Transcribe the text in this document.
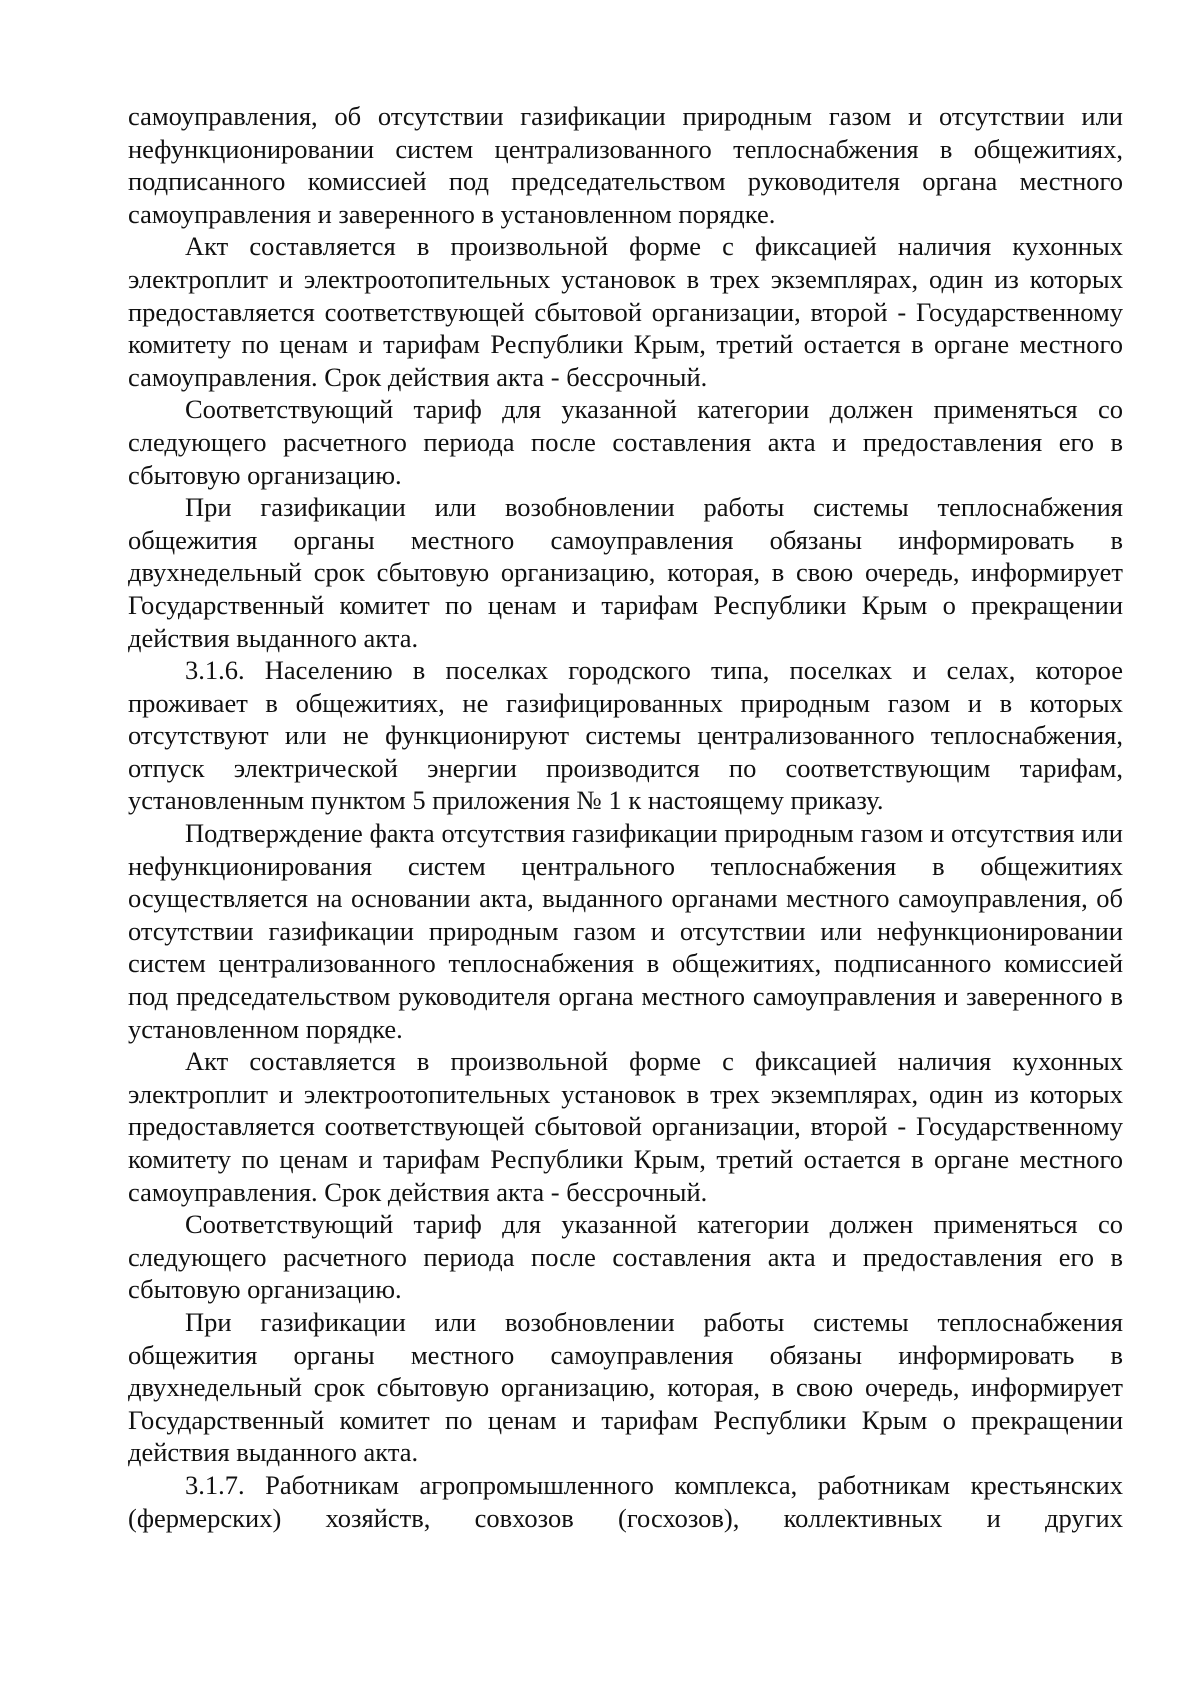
самоуправления, об отсутствии газификации природным газом и отсутствии или нефункционировании систем централизованного теплоснабжения в общежитиях, подписанного комиссией под председательством руководителя органа местного самоуправления и заверенного в установленном порядке.

Акт составляется в произвольной форме с фиксацией наличия кухонных электроплит и электроотопительных установок в трех экземплярах, один из которых предоставляется соответствующей сбытовой организации, второй - Государственному комитету по ценам и тарифам Республики Крым, третий остается в органе местного самоуправления. Срок действия акта - бессрочный.

Соответствующий тариф для указанной категории должен применяться со следующего расчетного периода после составления акта и предоставления его в сбытовую организацию.

При газификации или возобновлении работы системы теплоснабжения общежития органы местного самоуправления обязаны информировать в двухнедельный срок сбытовую организацию, которая, в свою очередь, информирует Государственный комитет по ценам и тарифам Республики Крым о прекращении действия выданного акта.

3.1.6. Населению в поселках городского типа, поселках и селах, которое проживает в общежитиях, не газифицированных природным газом и в которых отсутствуют или не функционируют системы централизованного теплоснабжения, отпуск электрической энергии производится по соответствующим тарифам, установленным пунктом 5 приложения № 1 к настоящему приказу.

Подтверждение факта отсутствия газификации природным газом и отсутствия или нефункционирования систем центрального теплоснабжения в общежитиях осуществляется на основании акта, выданного органами местного самоуправления, об отсутствии газификации природным газом и отсутствии или нефункционировании систем централизованного теплоснабжения в общежитиях, подписанного комиссией под председательством руководителя органа местного самоуправления и заверенного в установленном порядке.

Акт составляется в произвольной форме с фиксацией наличия кухонных электроплит и электроотопительных установок в трех экземплярах, один из которых предоставляется соответствующей сбытовой организации, второй - Государственному комитету по ценам и тарифам Республики Крым, третий остается в органе местного самоуправления. Срок действия акта - бессрочный.

Соответствующий тариф для указанной категории должен применяться со следующего расчетного периода после составления акта и предоставления его в сбытовую организацию.

При газификации или возобновлении работы системы теплоснабжения общежития органы местного самоуправления обязаны информировать в двухнедельный срок сбытовую организацию, которая, в свою очередь, информирует Государственный комитет по ценам и тарифам Республики Крым о прекращении действия выданного акта.

3.1.7. Работникам агропромышленного комплекса, работникам крестьянских (фермерских) хозяйств, совхозов (госхозов), коллективных и других
